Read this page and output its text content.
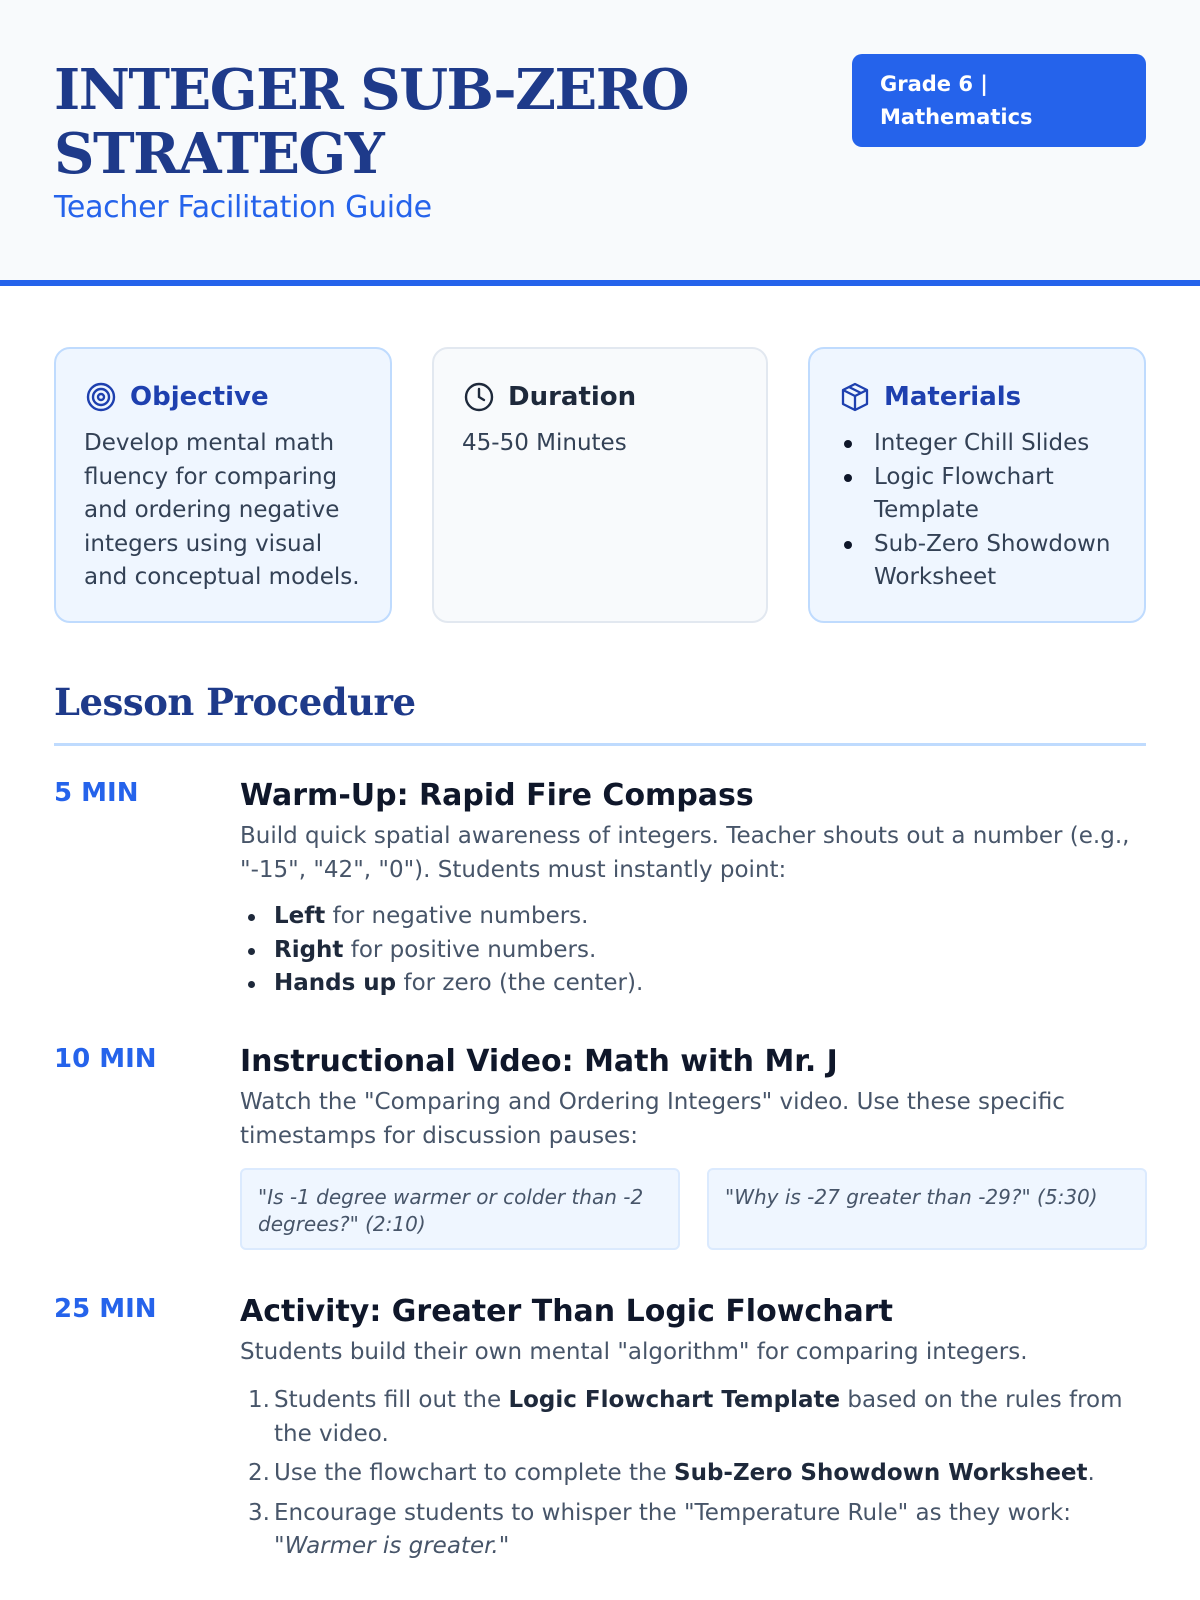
INTEGER SUB-ZERO STRATEGY
Teacher Facilitation Guide
Grade 6 | Mathematics
Objective

Develop mental math fluency for comparing and ordering negative integers using visual and conceptual models.

Duration

45-50 Minutes

Materials
Integer Chill Slides
Logic Flowchart Template
Sub-Zero Showdown Worksheet
Lesson Procedure
5 MIN	Warm-Up: Rapid Fire Compass

Build quick spatial awareness of integers. Teacher shouts out a number (e.g., "-15", "42", "0"). Students must instantly point:

Left for negative numbers.
Right for positive numbers.
Hands up for zero (the center).
10 MIN	Instructional Video: Math with Mr. J

Watch the "Comparing and Ordering Integers" video. Use these specific timestamps for discussion pauses:

"Is -1 degree warmer or colder than -2 degrees?" (2:10)
"Why is -27 greater than -29?" (5:30)
25 MIN	Activity: Greater Than Logic Flowchart

Students build their own mental "algorithm" for comparing integers.

1. Students fill out the Logic Flowchart Template based on the rules from the video.
2. Use the flowchart to complete the Sub-Zero Showdown Worksheet.
3. Encourage students to whisper the "Temperature Rule" as they work: "Warmer is greater."
